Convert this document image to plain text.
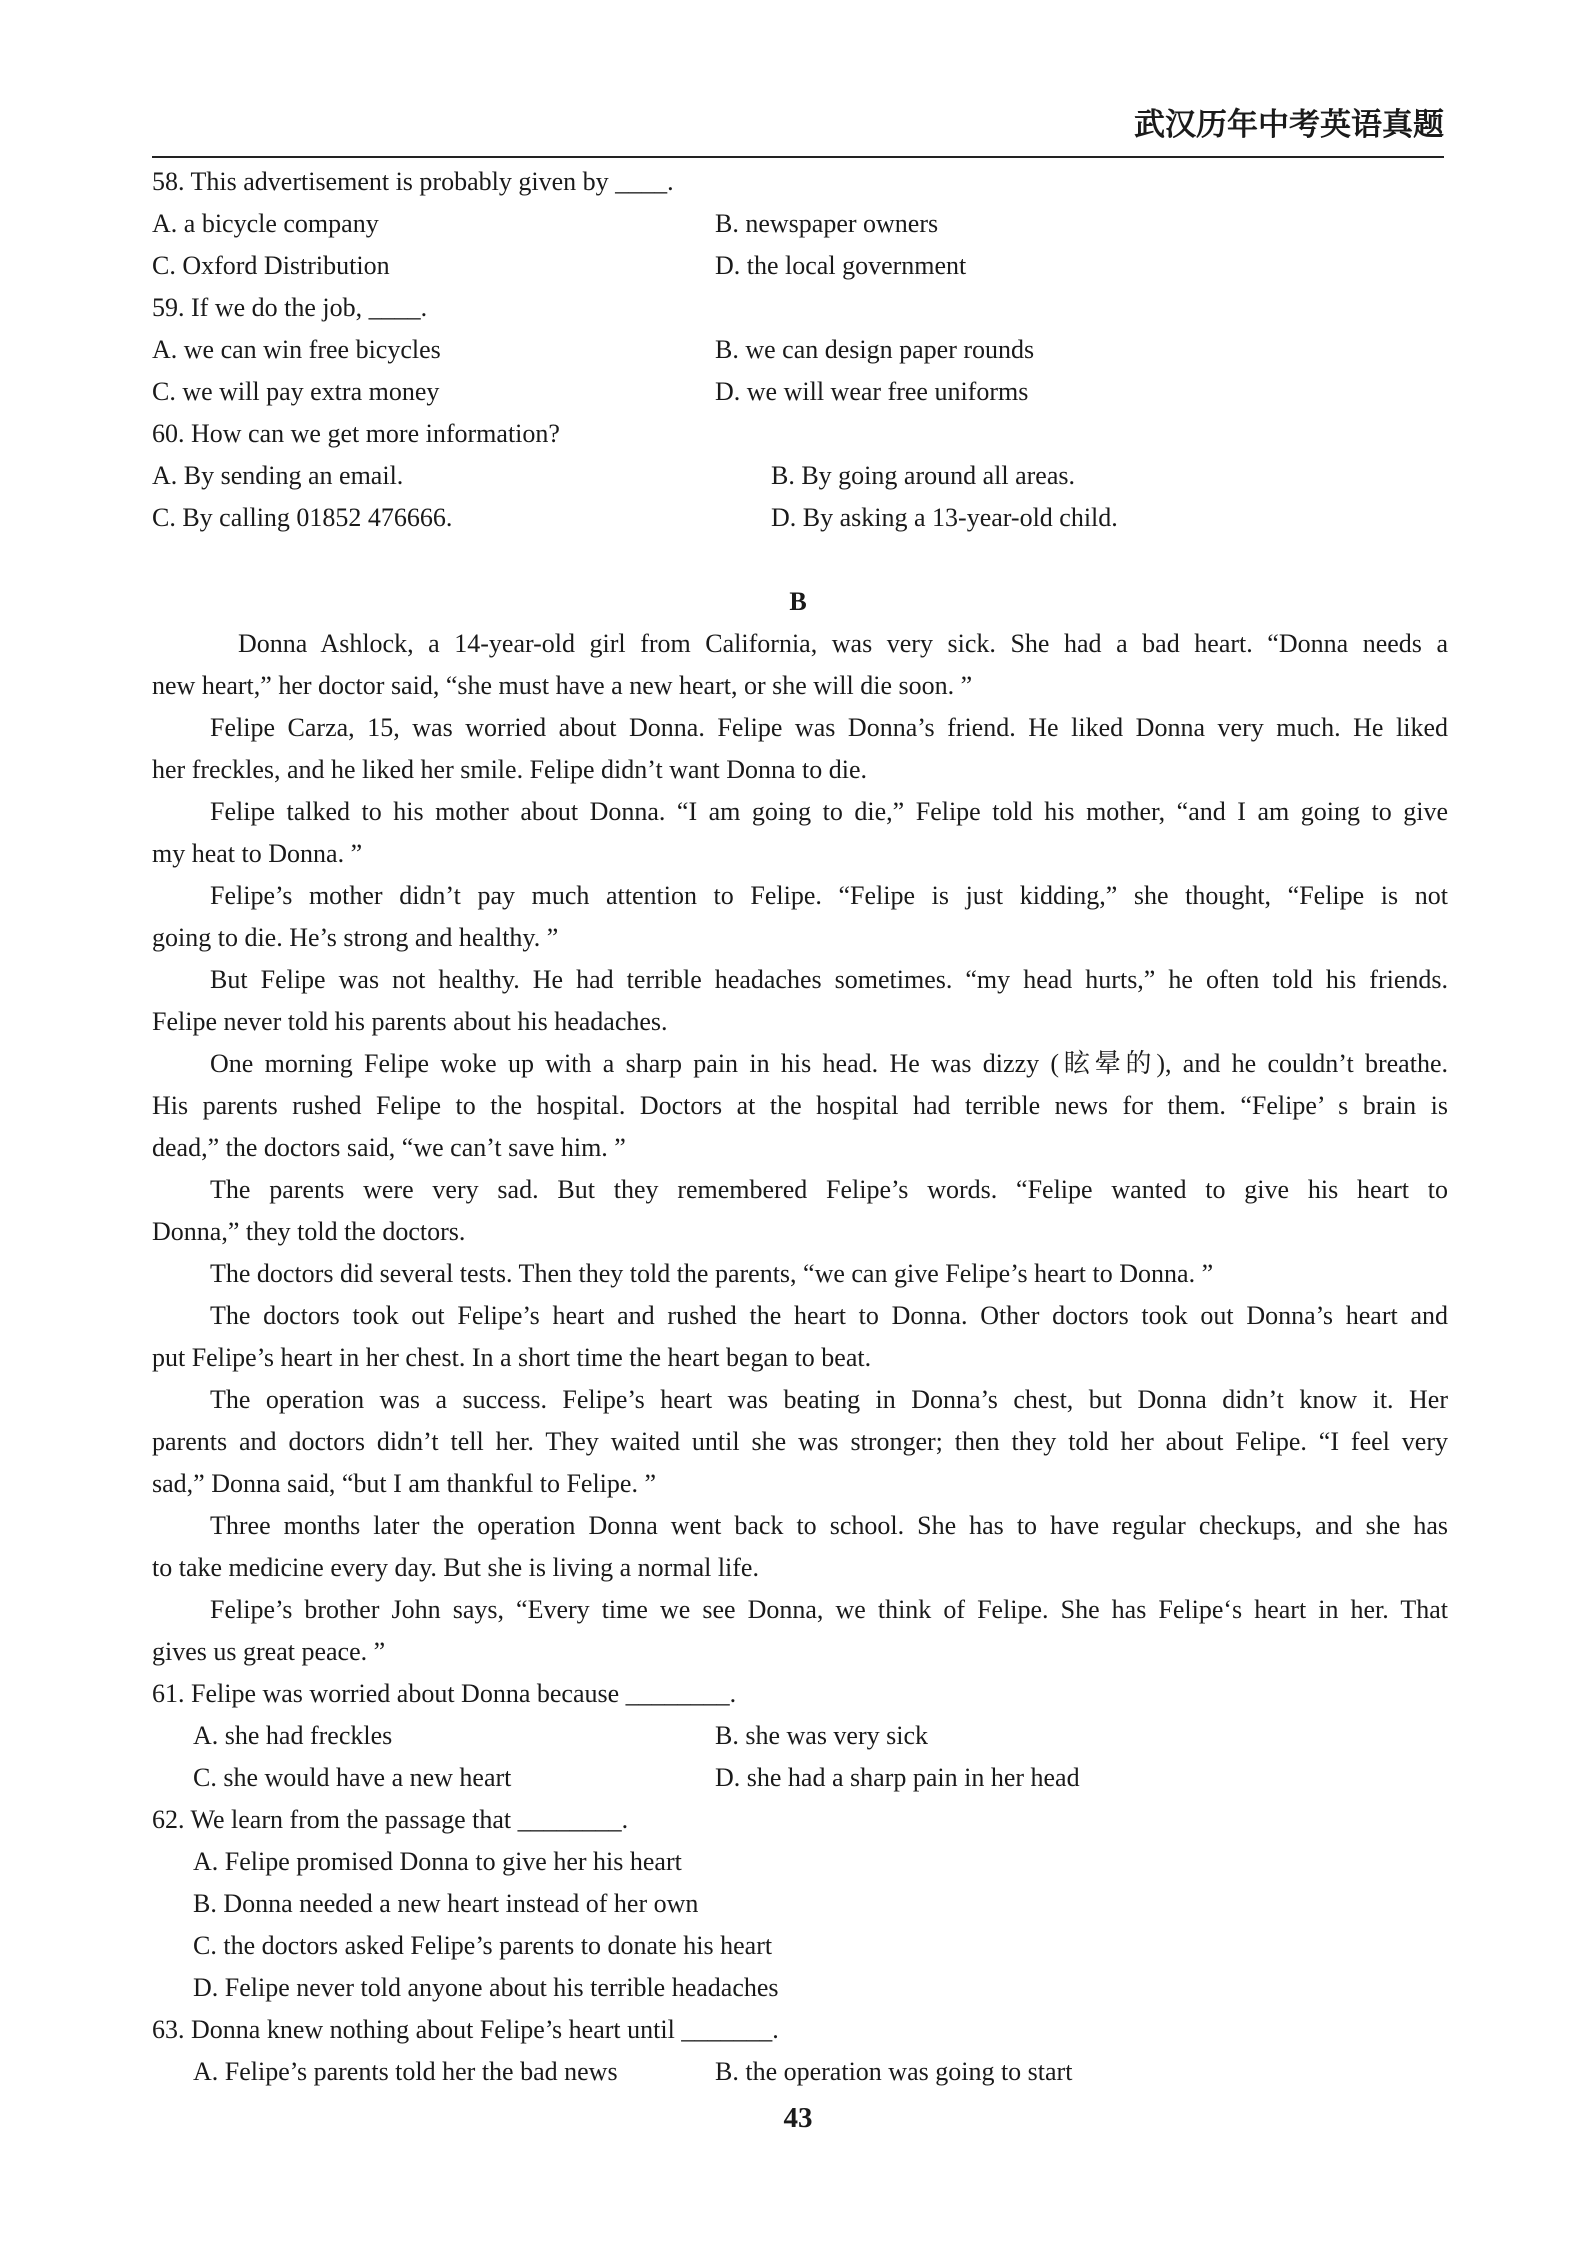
武汉历年中考英语真题
58. This advertisement is probably given by ____.
A. a bicycle company	B. newspaper owners
C. Oxford Distribution	D. the local government
59. If we do the job, ____.
A. we can win free bicycles	B. we can design paper rounds
C. we will pay extra money	D. we will wear free uniforms
60. How can we get more information?
A. By sending an email.	B. By going around all areas.
C. By calling 01852 476666.	D. By asking a 13-year-old child.
B
Donna Ashlock, a 14-year-old girl from California, was very sick. She had a bad heart. “Donna needs a
new heart,” her doctor said, “she must have a new heart, or she will die soon. ”
Felipe Carza, 15, was worried about Donna. Felipe was Donna’s friend. He liked Donna very much. He liked
her freckles, and he liked her smile. Felipe didn’t want Donna to die.
Felipe talked to his mother about Donna. “I am going to die,” Felipe told his mother, “and I am going to give
my heat to Donna. ”
Felipe’s mother didn’t pay much attention to Felipe. “Felipe is just kidding,” she thought, “Felipe is not
going to die. He’s strong and healthy. ”
But Felipe was not healthy. He had terrible headaches sometimes. “my head hurts,” he often told his friends.
Felipe never told his parents about his headaches.
One morning Felipe woke up with a sharp pain in his head. He was dizzy (眩晕的), and he couldn’t breathe.
His parents rushed Felipe to the hospital. Doctors at the hospital had terrible news for them. “Felipe’ s brain is
dead,” the doctors said, “we can’t save him. ”
The parents were very sad. But they remembered Felipe’s words. “Felipe wanted to give his heart to
Donna,” they told the doctors.
The doctors did several tests. Then they told the parents, “we can give Felipe’s heart to Donna. ”
The doctors took out Felipe’s heart and rushed the heart to Donna. Other doctors took out Donna’s heart and
put Felipe’s heart in her chest. In a short time the heart began to beat.
The operation was a success. Felipe’s heart was beating in Donna’s chest, but Donna didn’t know it. Her
parents and doctors didn’t tell her. They waited until she was stronger; then they told her about Felipe. “I feel very
sad,” Donna said, “but I am thankful to Felipe. ”
Three months later the operation Donna went back to school. She has to have regular checkups, and she has
to take medicine every day. But she is living a normal life.
Felipe’s brother John says, “Every time we see Donna, we think of Felipe. She has Felipe‘s heart in her. That
gives us great peace. ”
61. Felipe was worried about Donna because ________.
A. she had freckles	B. she was very sick
C. she would have a new heart	D. she had a sharp pain in her head
62. We learn from the passage that ________.
A. Felipe promised Donna to give her his heart
B. Donna needed a new heart instead of her own
C. the doctors asked Felipe’s parents to donate his heart
D. Felipe never told anyone about his terrible headaches
63. Donna knew nothing about Felipe’s heart until _______.
A. Felipe’s parents told her the bad news	B. the operation was going to start
43
